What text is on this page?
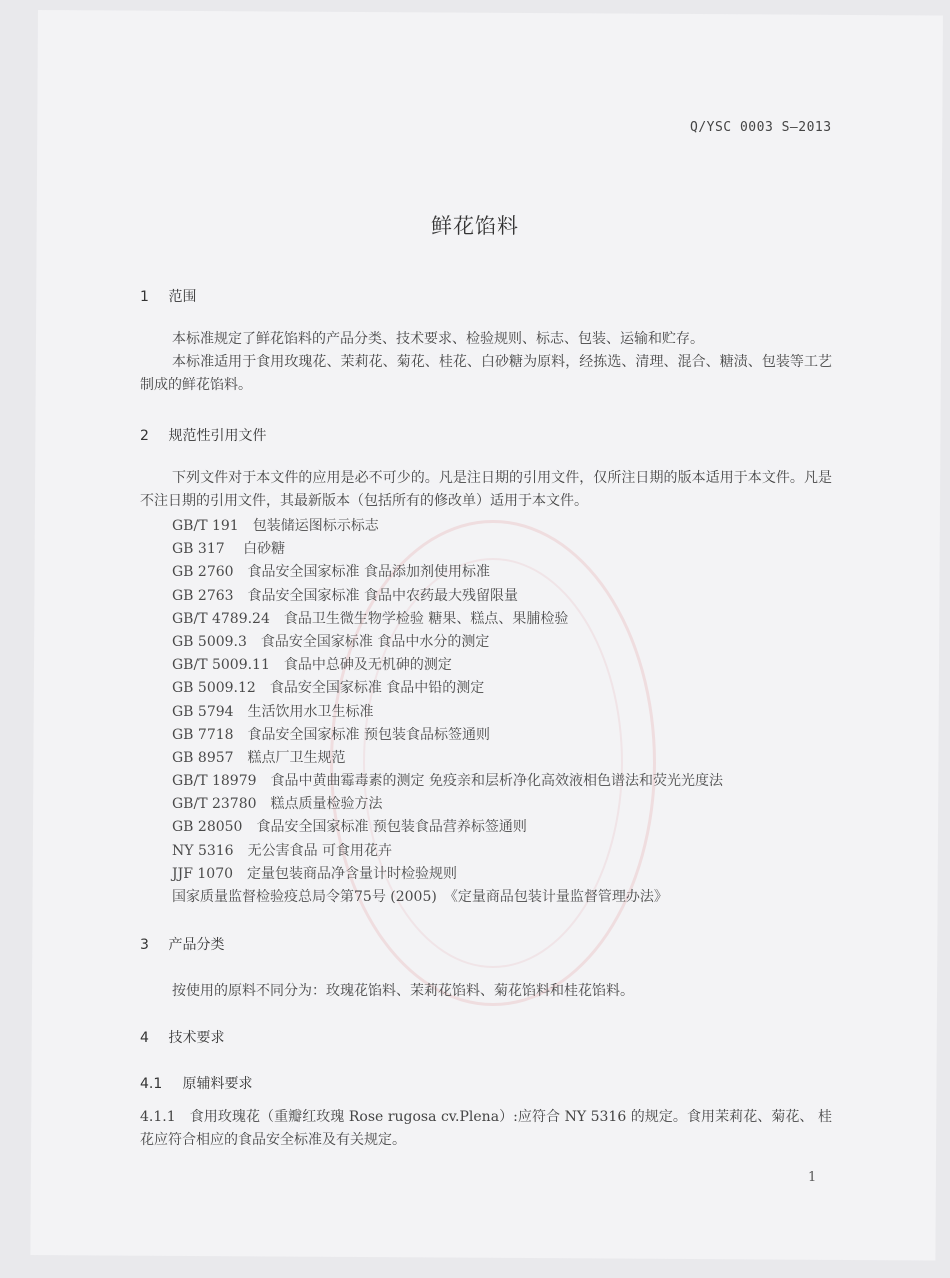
Q/YSC 0003 S—2013
鲜花馅料
1 范围
本标准规定了鲜花馅料的产品分类、技术要求、检验规则、标志、包装、运输和贮存。
本标准适用于食用玫瑰花、茉莉花、菊花、桂花、白砂糖为原料，经拣选、清理、混合、糖渍、包装等工艺制成的鲜花馅料。
2 规范性引用文件
下列文件对于本文件的应用是必不可少的。凡是注日期的引用文件，仅所注日期的版本适用于本文件。凡是不注日期的引用文件，其最新版本（包括所有的修改单）适用于本文件。
GB/T 191　包装储运图标示标志
GB 317　 白砂糖
GB 2760　食品安全国家标准 食品添加剂使用标准
GB 2763　食品安全国家标准 食品中农药最大残留限量
GB/T 4789.24　食品卫生微生物学检验 糖果、糕点、果脯检验
GB 5009.3　食品安全国家标准 食品中水分的测定
GB/T 5009.11　食品中总砷及无机砷的测定
GB 5009.12　食品安全国家标准 食品中铅的测定
GB 5794　生活饮用水卫生标准
GB 7718　食品安全国家标准 预包装食品标签通则
GB 8957　糕点厂卫生规范
GB/T 18979　食品中黄曲霉毒素的测定 免疫亲和层析净化高效液相色谱法和荧光光度法
GB/T 23780　糕点质量检验方法
GB 28050　食品安全国家标准 预包装食品营养标签通则
NY 5316　无公害食品 可食用花卉
JJF 1070　定量包装商品净含量计时检验规则
国家质量监督检验疫总局令第75号 (2005)　《定量商品包装计量监督管理办法》
3 产品分类
按使用的原料不同分为：玫瑰花馅料、茉莉花馅料、菊花馅料和桂花馅料。
4 技术要求
4.1 原辅料要求
4.1.1　食用玫瑰花（重瓣红玫瑰 Rose rugosa cv.Plena）:应符合 NY 5316 的规定。食用茉莉花、菊花、 桂花应符合相应的食品安全标准及有关规定。
1
